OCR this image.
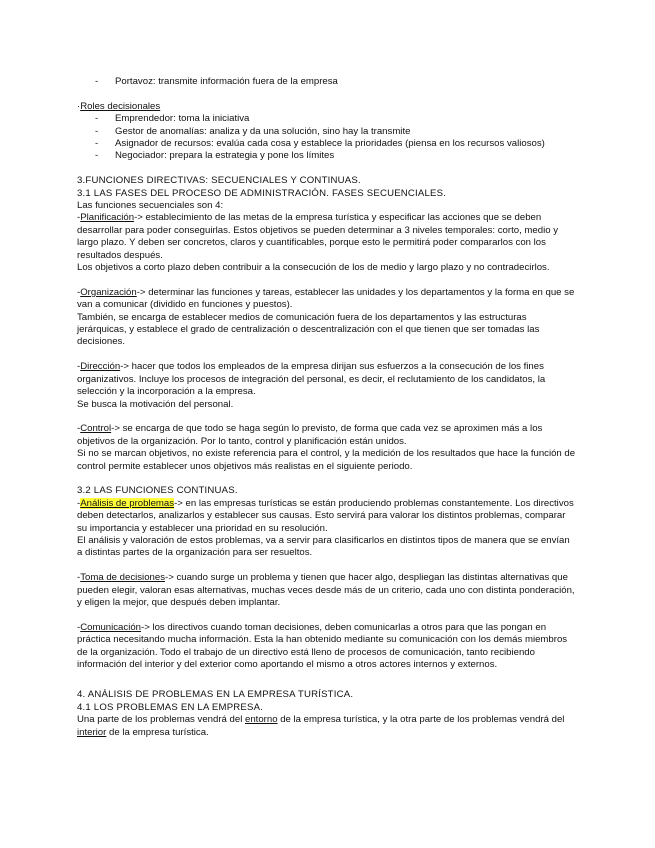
- Portavoz: transmite información fuera de la empresa

·Roles decisionales

- Emprendedor: toma la iniciativa
- Gestor de anomalías: analiza y da una solución, sino hay la transmite
- Asignador de recursos: evalúa cada cosa y establece la prioridades (piensa en los recursos valiosos)
- Negociador: prepara la estrategia y pone los límites

3.FUNCIONES DIRECTIVAS: SECUENCIALES Y CONTINUAS.

3.1 LAS FASES DEL PROCESO DE ADMINISTRACIÓN. FASES SECUENCIALES.

Las funciones secuenciales son 4:

-Planificación-> establecimiento de las metas de la empresa turística y especificar las acciones que se deben desarrollar para poder conseguirlas. Estos objetivos se pueden determinar a 3 niveles temporales: corto, medio y largo plazo. Y deben ser concretos, claros y cuantificables, porque esto le permitirá poder compararlos con los resultados después.

Los objetivos a corto plazo deben contribuir a la consecución de los de medio y largo plazo y no contradecirlos.

-Organización-> determinar las funciones y tareas, establecer las unidades y los departamentos y la forma en que se van a comunicar (dividido en funciones y puestos).

También, se encarga de establecer medios de comunicación fuera de los departamentos y las estructuras jerárquicas, y establece el grado de centralización o descentralización con el que tienen que ser tomadas las decisiones.

-Dirección-> hacer que todos los empleados de la empresa dirijan sus esfuerzos a la consecución de los fines organizativos. Incluye los procesos de integración del personal, es decir, el reclutamiento de los candidatos, la selección y la incorporación a la empresa.

Se busca la motivación del personal.

-Control-> se encarga de que todo se haga según lo previsto, de forma que cada vez se aproximen más a los objetivos de la organización. Por lo tanto, control y planificación están unidos.

Si no se marcan objetivos, no existe referencia para el control, y la medición de los resultados que hace la función de control permite establecer unos objetivos más realistas en el siguiente periodo.

3.2 LAS FUNCIONES CONTINUAS.

-Análisis de problemas-> en las empresas turísticas se están produciendo problemas constantemente. Los directivos deben detectarlos, analizarlos y establecer sus causas. Esto servirá para valorar los distintos problemas, comparar su importancia y establecer una prioridad en su resolución.

El análisis y valoración de estos problemas, va a servir para clasificarlos en distintos tipos de manera que se envían a distintas partes de la organización para ser resueltos.

-Toma de decisiones-> cuando surge un problema y tienen que hacer algo, despliegan las distintas alternativas que pueden elegir, valoran esas alternativas, muchas veces desde más de un criterio, cada uno con distinta ponderación, y eligen la mejor, que después deben implantar.

-Comunicación-> los directivos cuando toman decisiones, deben comunicarlas a otros para que las pongan en práctica necesitando mucha información. Esta la han obtenido mediante su comunicación con los demás miembros de la organización. Todo el trabajo de un directivo está lleno de procesos de comunicación, tanto recibiendo información del interior y del exterior como aportando el mismo a otros actores internos y externos.

4. ANÁLISIS DE PROBLEMAS EN LA EMPRESA TURÍSTICA.

4.1 LOS PROBLEMAS EN LA EMPRESA.

Una parte de los problemas vendrá del entorno de la empresa turística, y la otra parte de los problemas vendrá del interior de la empresa turística.
